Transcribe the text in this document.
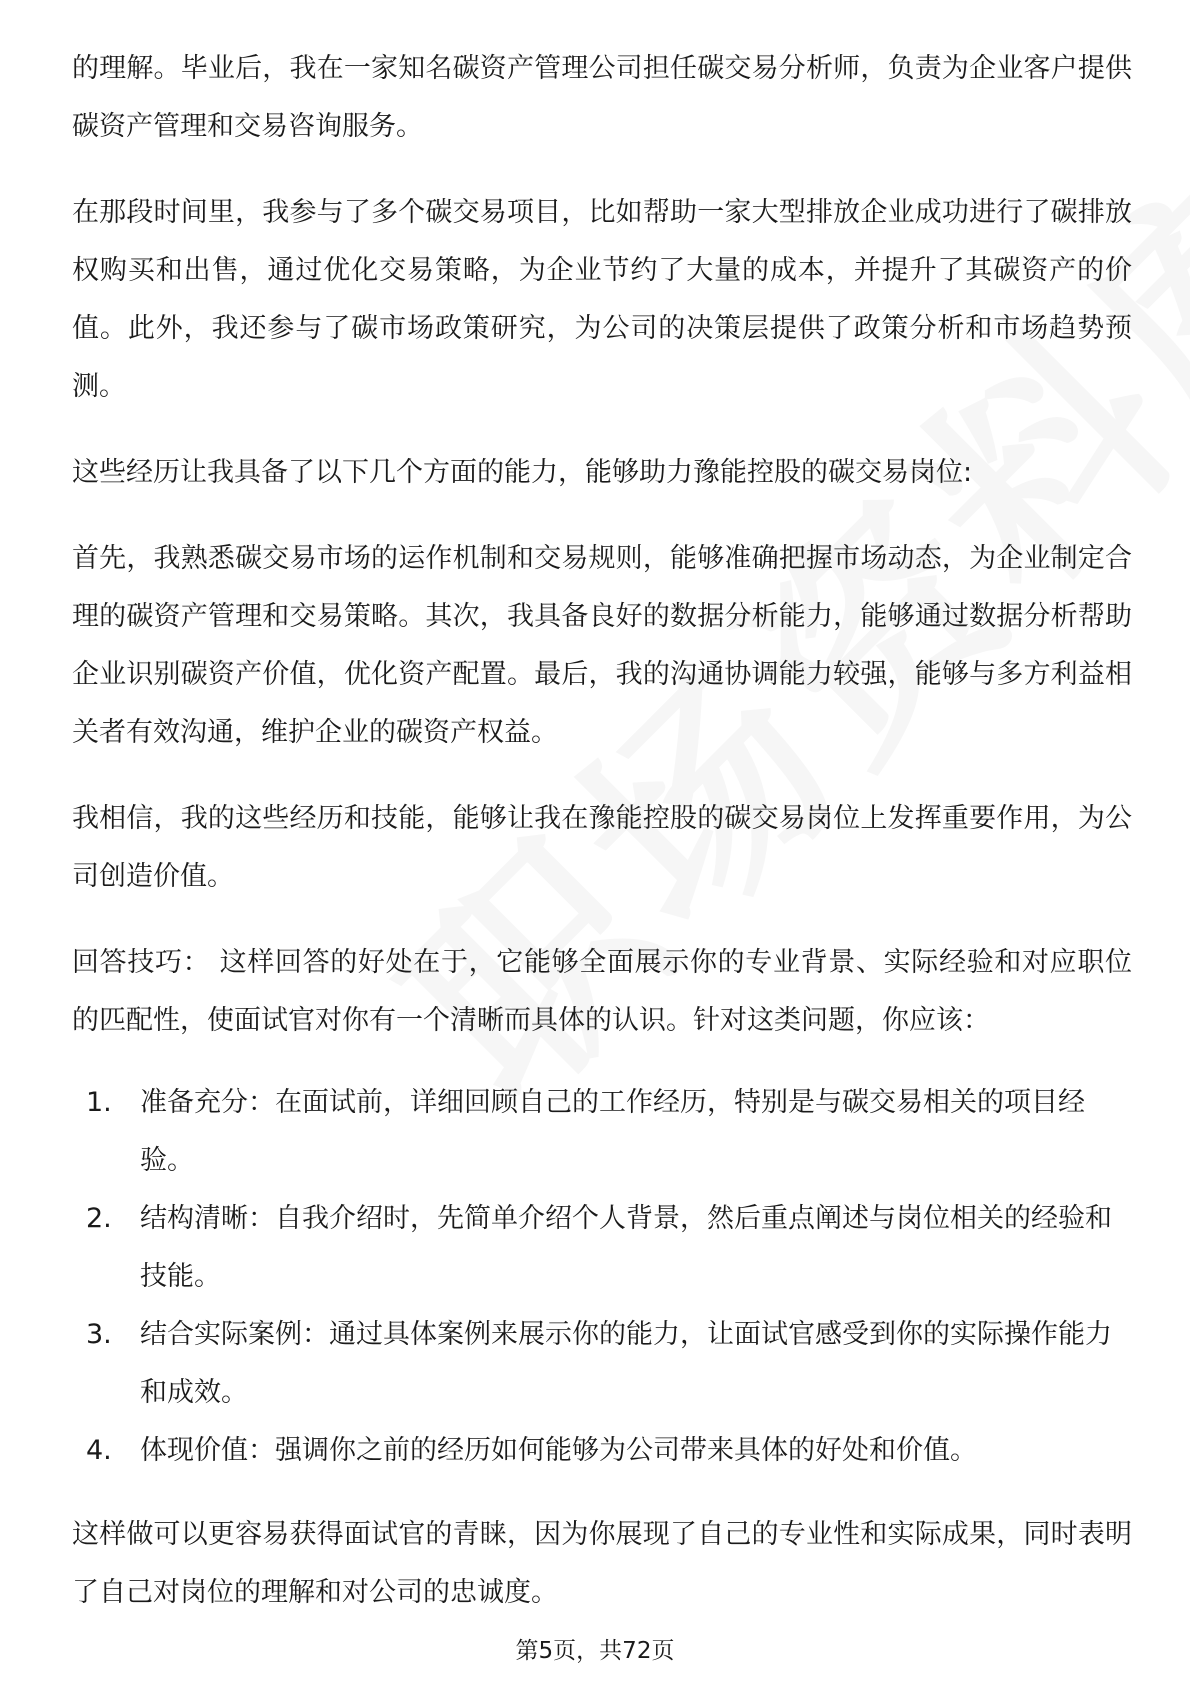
的理解。毕业后，我在一家知名碳资产管理公司担任碳交易分析师，负责为企业客户提供碳资产管理和交易咨询服务。

在那段时间里，我参与了多个碳交易项目，比如帮助一家大型排放企业成功进行了碳排放权购买和出售，通过优化交易策略，为企业节约了大量的成本，并提升了其碳资产的价值。此外，我还参与了碳市场政策研究，为公司的决策层提供了政策分析和市场趋势预测。

这些经历让我具备了以下几个方面的能力，能够助力豫能控股的碳交易岗位:

首先，我熟悉碳交易市场的运作机制和交易规则，能够准确把握市场动态，为企业制定合理的碳资产管理和交易策略。其次，我具备良好的数据分析能力，能够通过数据分析帮助企业识别碳资产价值，优化资产配置。最后，我的沟通协调能力较强，能够与多方利益相关者有效沟通，维护企业的碳资产权益。

我相信，我的这些经历和技能，能够让我在豫能控股的碳交易岗位上发挥重要作用，为公司创造价值。

回答技巧： 这样回答的好处在于，它能够全面展示你的专业背景、实际经验和对应职位的匹配性，使面试官对你有一个清晰而具体的认识。针对这类问题，你应该：

1.	准备充分：在面试前，详细回顾自己的工作经历，特别是与碳交易相关的项目经验。
2.	结构清晰：自我介绍时，先简单介绍个人背景，然后重点阐述与岗位相关的经验和技能。
3.	结合实际案例：通过具体案例来展示你的能力，让面试官感受到你的实际操作能力和成效。
4.	体现价值：强调你之前的经历如何能够为公司带来具体的好处和价值。

这样做可以更容易获得面试官的青睐，因为你展现了自己的专业性和实际成果，同时表明了自己对岗位的理解和对公司的忠诚度。

第5页，共72页
